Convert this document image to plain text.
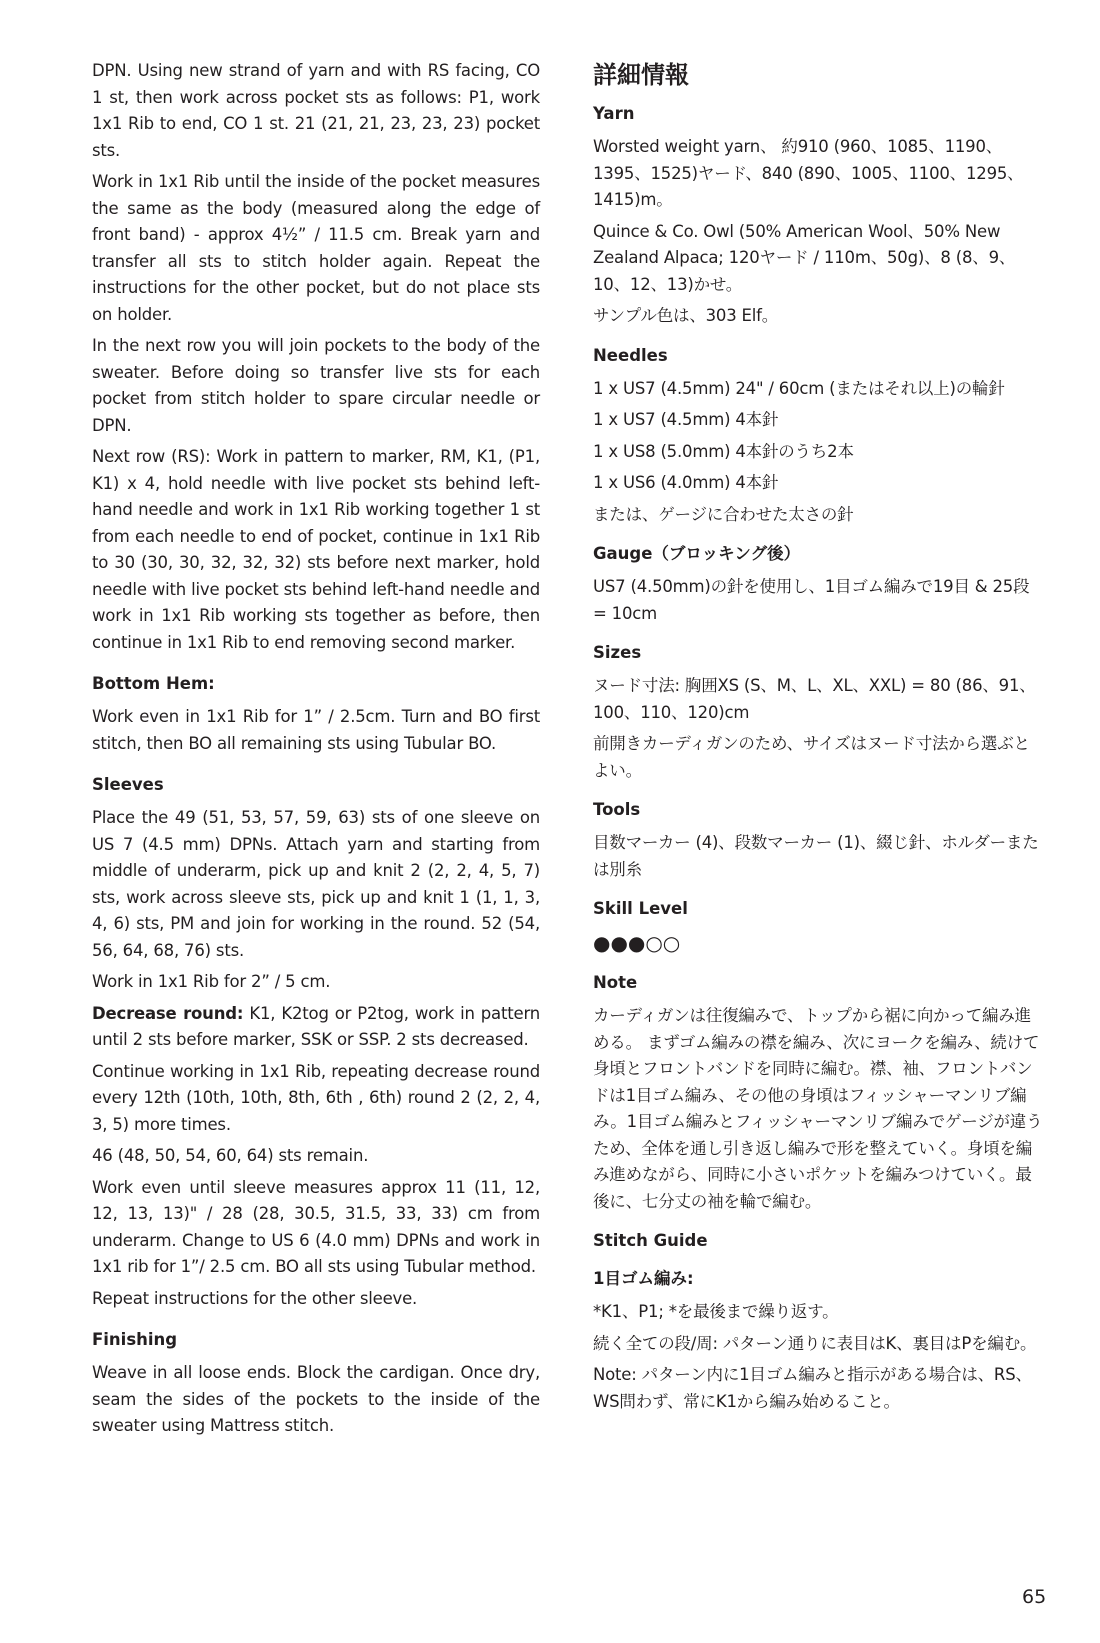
DPN. Using new strand of yarn and with RS facing, CO 1 st, then work across pocket sts as follows: P1, work 1x1 Rib to end, CO 1 st. 21 (21, 21, 23, 23, 23) pocket sts.

Work in 1x1 Rib until the inside of the pocket measures the same as the body (measured along the edge of front band) - approx 4½” / 11.5 cm. Break yarn and transfer all sts to stitch holder again. Repeat the instructions for the other pocket, but do not place sts on holder.

In the next row you will join pockets to the body of the sweater. Before doing so transfer live sts for each pocket from stitch holder to spare circular needle or DPN.

Next row (RS): Work in pattern to marker, RM, K1, (P1, K1) x 4, hold needle with live pocket sts behind left-hand needle and work in 1x1 Rib working together 1 st from each needle to end of pocket, continue in 1x1 Rib to 30 (30, 30, 32, 32, 32) sts before next marker, hold needle with live pocket sts behind left-hand needle and work in 1x1 Rib working sts together as before, then continue in 1x1 Rib to end removing second marker.

Bottom Hem:

Work even in 1x1 Rib for 1” / 2.5cm. Turn and BO first stitch, then BO all remaining sts using Tubular BO.

Sleeves

Place the 49 (51, 53, 57, 59, 63) sts of one sleeve on US 7 (4.5 mm) DPNs. Attach yarn and starting from middle of underarm, pick up and knit 2 (2, 2, 4, 5, 7) sts, work across sleeve sts, pick up and knit 1 (1, 1, 3, 4, 6) sts, PM and join for working in the round. 52 (54, 56, 64, 68, 76) sts.

Work in 1x1 Rib for 2” / 5 cm.

Decrease round: K1, K2tog or P2tog, work in pattern until 2 sts before marker, SSK or SSP. 2 sts decreased.

Continue working in 1x1 Rib, repeating decrease round every 12th (10th, 10th, 8th, 6th , 6th) round 2 (2, 2, 4, 3, 5) more times.

46 (48, 50, 54, 60, 64) sts remain.

Work even until sleeve measures approx 11 (11, 12, 12, 13, 13)" / 28 (28, 30.5, 31.5, 33, 33) cm from underarm. Change to US 6 (4.0 mm) DPNs and work in 1x1 rib for 1”/ 2.5 cm. BO all sts using Tubular method.

Repeat instructions for the other sleeve.

Finishing

Weave in all loose ends. Block the cardigan. Once dry, seam the sides of the pockets to the inside of the sweater using Mattress stitch.

詳細情報
Yarn

Worsted weight yarn、 約910 (960、1085、1190、1395、1525)ヤード、840 (890、1005、1100、1295、1415)m。

Quince & Co. Owl (50% American Wool、50% New Zealand Alpaca; 120ヤード / 110m、50g)、8 (8、9、10、12、13)かせ。

サンプル色は、303 Elf。

Needles

1 x US7 (4.5mm) 24" / 60cm (またはそれ以上)の輪針

1 x US7 (4.5mm) 4本針

1 x US8 (5.0mm) 4本針のうち2本

1 x US6 (4.0mm) 4本針

または、ゲージに合わせた太さの針

Gauge（ブロッキング後）

US7 (4.50mm)の針を使用し、1目ゴム編みで19目 & 25段 = 10cm

Sizes

ヌード寸法: 胸囲XS (S、M、L、XL、XXL) = 80 (86、91、100、110、120)cm

前開きカーディガンのため、サイズはヌード寸法から選ぶとよい。

Tools

目数マーカー (4)、段数マーカー (1)、綴じ針、ホルダーまたは別糸

Skill Level
●●●○○
Note

カーディガンは往復編みで、トップから裾に向かって編み進める。 まずゴム編みの襟を編み、次にヨークを編み、続けて身頃とフロントバンドを同時に編む。襟、袖、フロントバンドは1目ゴム編み、その他の身頃はフィッシャーマンリブ編み。1目ゴム編みとフィッシャーマンリブ編みでゲージが違うため、全体を通し引き返し編みで形を整えていく。身頃を編み進めながら、同時に小さいポケットを編みつけていく。最後に、七分丈の袖を輪で編む。

Stitch Guide
1目ゴム編み:

*K1、P1; *を最後まで繰り返す。

続く全ての段/周: パターン通りに表目はK、裏目はPを編む。

Note: パターン内に1目ゴム編みと指示がある場合は、RS、WS問わず、常にK1から編み始めること。

65
